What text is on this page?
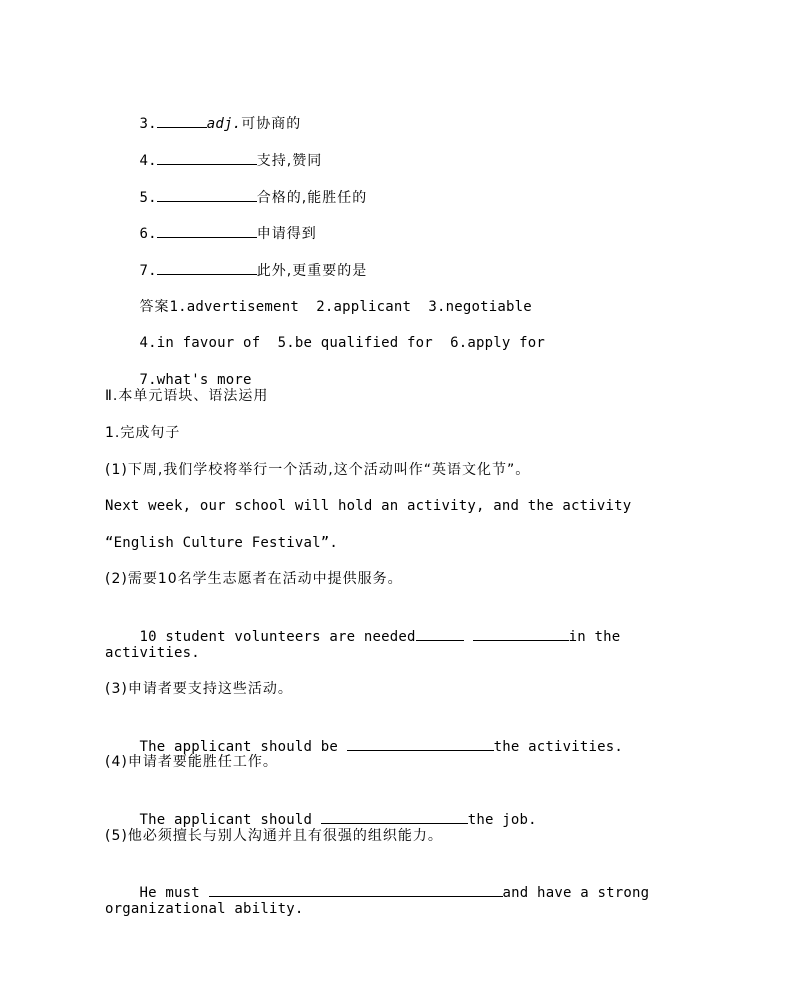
3.	adj.可协商的

4.	支持,赞同

5.	合格的,能胜任的

6.	申请得到

7.	此外,更重要的是

答案1.advertisement  2.applicant  3.negotiable

4.in favour of  5.be qualified for  6.apply for

7.what's more

Ⅱ.本单元语块、语法运用
1.完成句子
(1)下周,我们学校将举行一个活动,这个活动叫作“英语文化节”。
Next week, our school will hold an activity, and the activity
“English Culture Festival”.
(2)需要10名学生志愿者在活动中提供服务。

10 student volunteers are needed	in the

activities.
(3)申请者要支持这些活动。

The applicant should be	the activities.

(4)申请者要能胜任工作。

The applicant should	the job.

(5)他必须擅长与别人沟通并且有很强的组织能力。

He must	and have a strong

organizational ability.
